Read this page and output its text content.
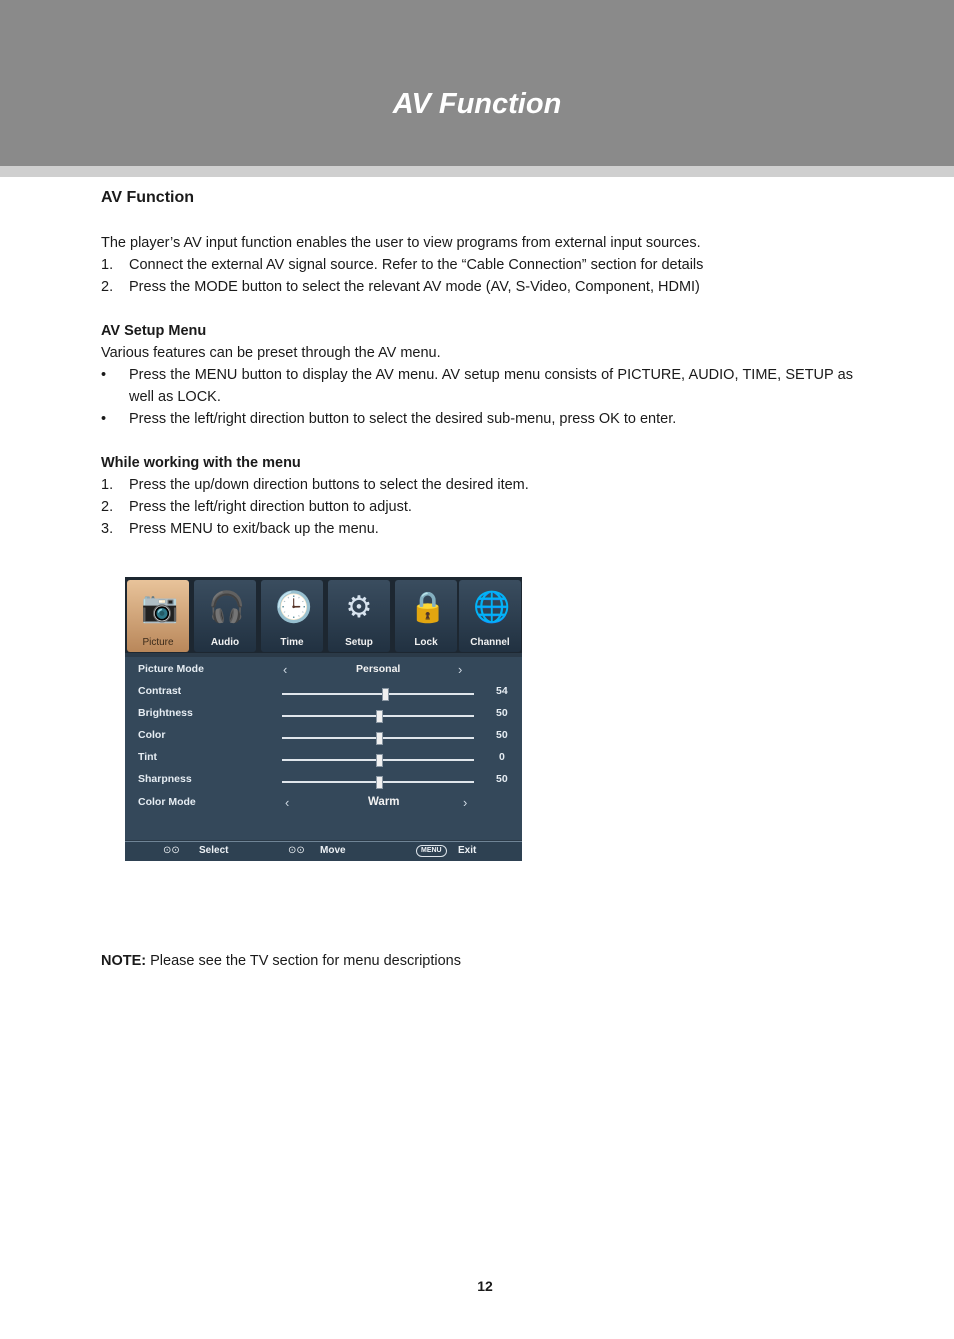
AV Function
AV Function

The player’s AV input function enables the user to view programs from external input sources.

1.	Connect the external AV signal source. Refer to the “Cable Connection” section for details
2.	Press the MODE button to select the relevant AV mode (AV, S-Video, Component, HDMI)
AV Setup Menu

Various features can be preset through the AV menu.

•	Press the MENU button to display the AV menu. AV setup menu consists of PICTURE, AUDIO, TIME, SETUP as well as LOCK.
•	Press the left/right direction button to select the desired sub-menu, press OK to enter.
While working with the menu
1.	Press the up/down direction buttons to select the desired item.
2.	Press the left/right direction button to adjust.
3.	Press MENU to exit/back up the menu.
📷
Picture
🎧
Audio
🕒
Time
⚙
Setup
🔒
Lock
🌐
Channel
Picture Mode	‹	Personal	›
Contrast	54
Brightness	50
Color	50
Tint	0
Sharpness	50
Color Mode	‹	Warm	›
⊙⊙ Select	⊙⊙ Move	MENU	Exit
NOTE: Please see the TV section for menu descriptions
12
